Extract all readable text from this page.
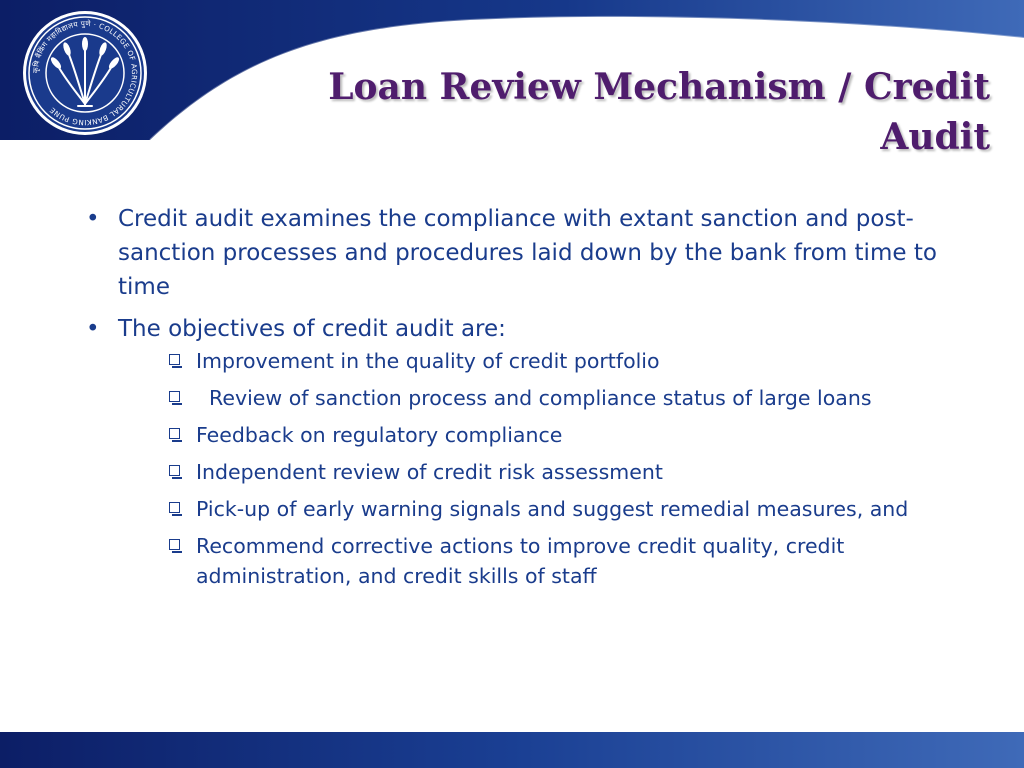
कृषि बैंकिंग महाविद्यालय पुणे · COLLEGE OF AGRICULTURAL BANKING PUNE
Loan Review Mechanism / Credit Audit
• Credit audit examines the compliance with extant sanction and post-sanction processes and procedures laid down by the bank from time to time
• The objectives of credit audit are:
Improvement in the quality of credit portfolio
Review of sanction process and compliance status of large loans
Feedback on regulatory compliance
Independent review of credit risk assessment
Pick-up of early warning signals and suggest remedial measures, and
Recommend corrective actions to improve credit quality, credit administration, and credit skills of staff
